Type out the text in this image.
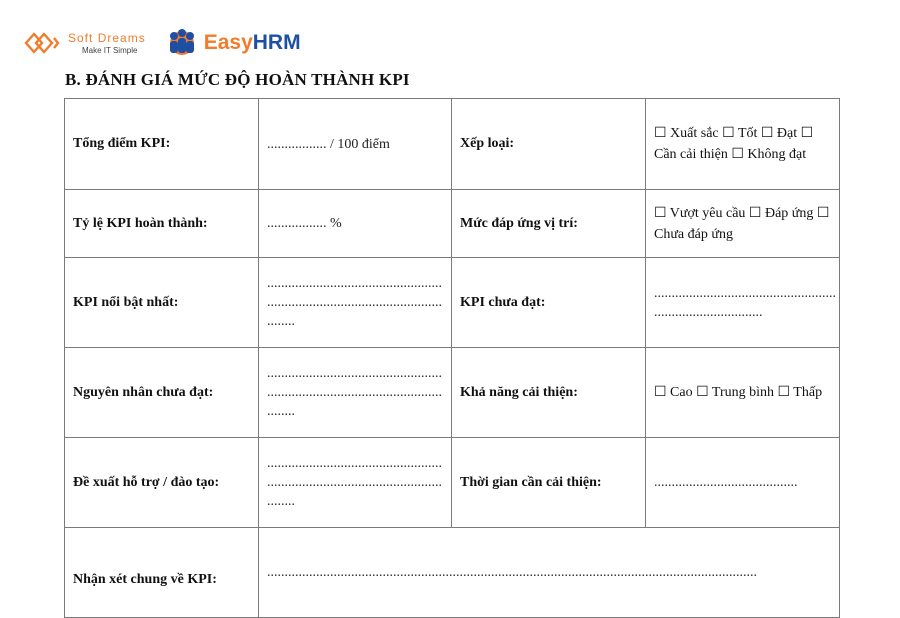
Soft Dreams
Make IT Simple	EasyHRM
B. ĐÁNH GIÁ MỨC ĐỘ HOÀN THÀNH KPI
Tổng điểm KPI:	................. / 100 điểm	Xếp loại:	☐ Xuất sắc ☐ Tốt ☐ Đạt ☐ Cần cải thiện ☐ Không đạt
Tỷ lệ KPI hoàn thành:	................. %	Mức đáp ứng vị trí:	☐ Vượt yêu cầu ☐ Đáp ứng ☐ Chưa đáp ứng
KPI nổi bật nhất:	.................................................. .................................................. ........	KPI chưa đạt:	.................................................... ...............................
Nguyên nhân chưa đạt:	.................................................. .................................................. ........	Khả năng cải thiện:	☐ Cao ☐ Trung bình ☐ Thấp
Đề xuất hỗ trợ / đào tạo:	.................................................. .................................................. ........	Thời gian cần cải thiện:	.........................................

Nhận xét chung về KPI:	............................................................................................................................................		
